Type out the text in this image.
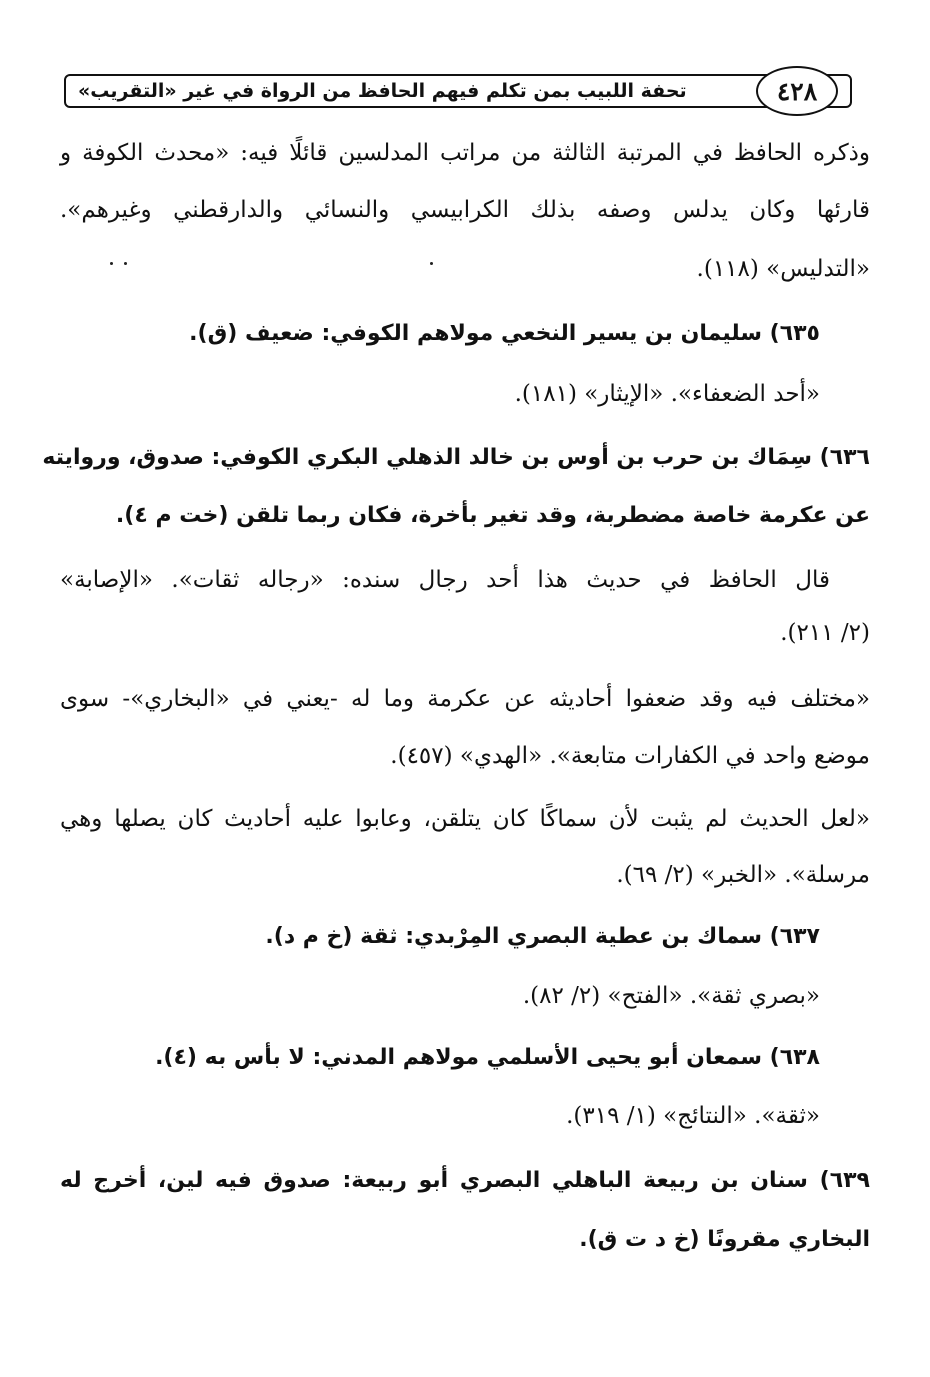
٤٢٨
تحفة اللبيب بمن تكلم فيهم الحافظ من الرواة في غير «التقريب»
وذكره الحافظ في المرتبة الثالثة من مراتب المدلسين قائلًا فيه: «محدث الكوفة و
قارئها وكان يدلس وصفه بذلك الكرابيسي والنسائي والدارقطني وغيرهم».
«التدليس» (١١٨).
٦٣٥) سليمان بن يسير النخعي مولاهم الكوفي: ضعيف (ق).
«أحد الضعفاء». «الإيثار» (١٨١).
٦٣٦) سِمَاك بن حرب بن أوس بن خالد الذهلي البكري الكوفي: صدوق، وروايته
عن عكرمة خاصة مضطربة، وقد تغير بأخرة، فكان ربما تلقن (خت م ٤).
قال الحافظ في حديث هذا أحد رجال سنده: «رجاله ثقات». «الإصابة»
(٢/ ٢١١).
«مختلف فيه وقد ضعفوا أحاديثه عن عكرمة وما له -يعني في «البخاري»- سوى
موضع واحد في الكفارات متابعة». «الهدي» (٤٥٧).
«لعل الحديث لم يثبت لأن سماكًا كان يتلقن، وعابوا عليه أحاديث كان يصلها وهي
مرسلة». «الخبر» (٢/ ٦٩).
٦٣٧) سماك بن عطية البصري المِرْبدي: ثقة (خ م د).
«بصري ثقة». «الفتح» (٢/ ٨٢).
٦٣٨) سمعان أبو يحيى الأسلمي مولاهم المدني: لا بأس به (٤).
«ثقة». «النتائج» (١/ ٣١٩).
٦٣٩) سنان بن ربيعة الباهلي البصري أبو ربيعة: صدوق فيه لين، أخرج له
البخاري مقرونًا (خ د ت ق).
